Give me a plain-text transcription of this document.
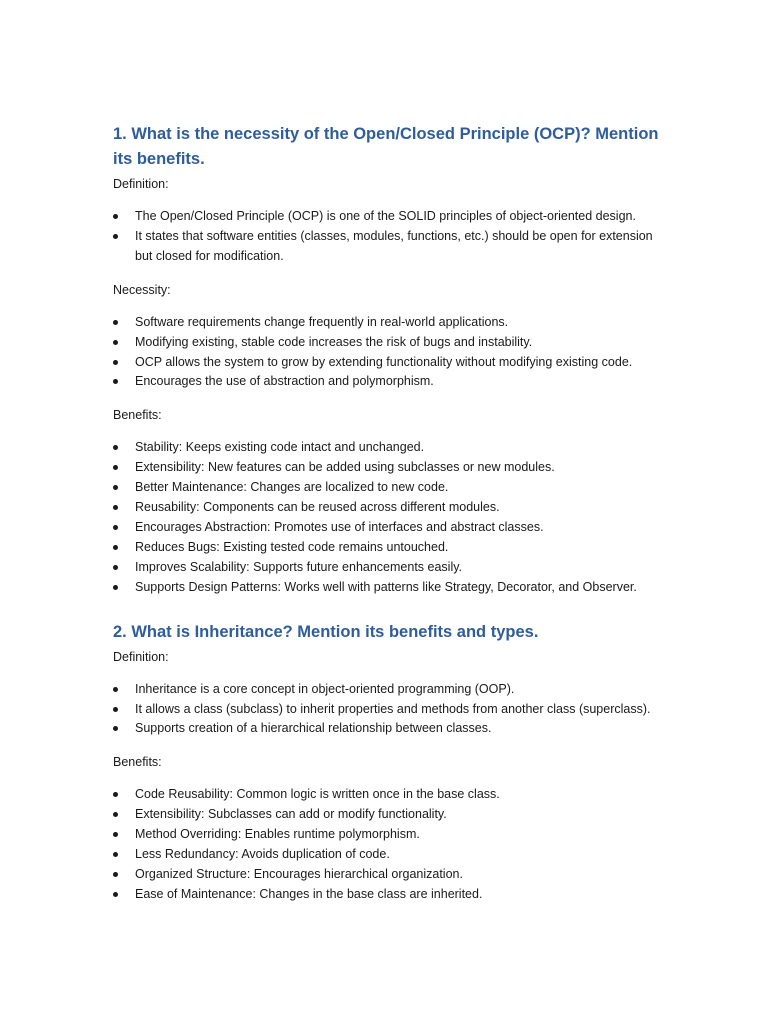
1. What is the necessity of the Open/Closed Principle (OCP)? Mention its benefits.

Definition:

The Open/Closed Principle (OCP) is one of the SOLID principles of object-oriented design.
It states that software entities (classes, modules, functions, etc.) should be open for extension but closed for modification.

Necessity:

Software requirements change frequently in real-world applications.
Modifying existing, stable code increases the risk of bugs and instability.
OCP allows the system to grow by extending functionality without modifying existing code.
Encourages the use of abstraction and polymorphism.

Benefits:

Stability: Keeps existing code intact and unchanged.
Extensibility: New features can be added using subclasses or new modules.
Better Maintenance: Changes are localized to new code.
Reusability: Components can be reused across different modules.
Encourages Abstraction: Promotes use of interfaces and abstract classes.
Reduces Bugs: Existing tested code remains untouched.
Improves Scalability: Supports future enhancements easily.
Supports Design Patterns: Works well with patterns like Strategy, Decorator, and Observer.
2. What is Inheritance? Mention its benefits and types.

Definition:

Inheritance is a core concept in object-oriented programming (OOP).
It allows a class (subclass) to inherit properties and methods from another class (superclass).
Supports creation of a hierarchical relationship between classes.

Benefits:

Code Reusability: Common logic is written once in the base class.
Extensibility: Subclasses can add or modify functionality.
Method Overriding: Enables runtime polymorphism.
Less Redundancy: Avoids duplication of code.
Organized Structure: Encourages hierarchical organization.
Ease of Maintenance: Changes in the base class are inherited.
